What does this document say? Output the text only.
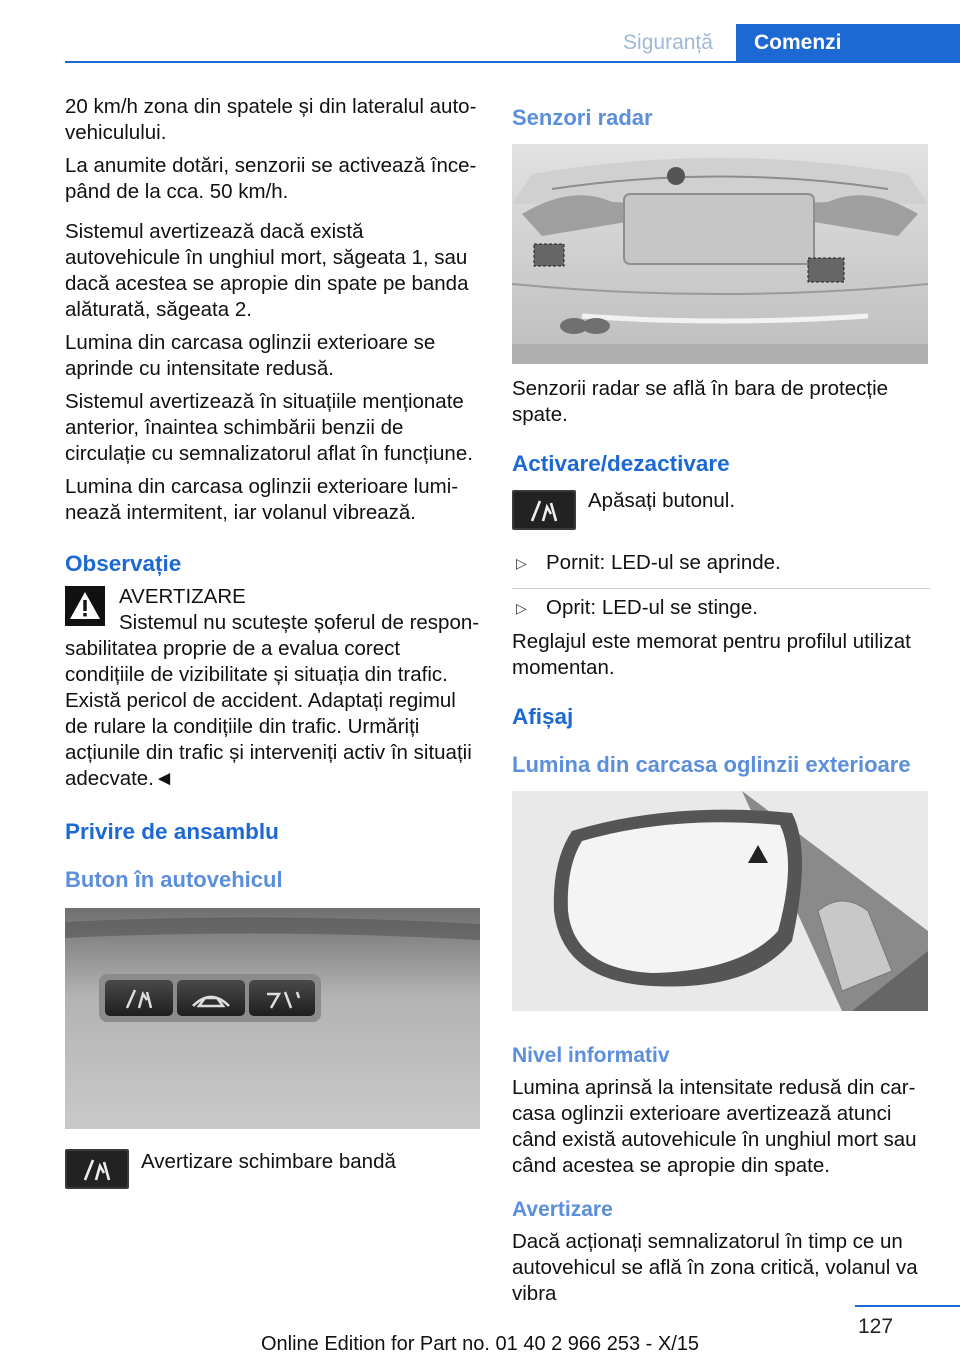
Siguranță	Comenzi

20 km/h zona din spatele și din lateralul autovehiculului.

La anumite dotări, senzorii se activează începând de la cca. 50 km/h.

Sistemul avertizează dacă există autovehicule în unghiul mort, săgeata 1, sau dacă acestea se apropie din spate pe banda alăturată, săgeata 2.

Lumina din carcasa oglinzii exterioare se aprinde cu intensitate redusă.

Sistemul avertizează în situațiile menționate anterior, înaintea schimbării benzii de circulație cu semnalizatorul aflat în funcțiune.

Lumina din carcasa oglinzii exterioare luminează intermitent, iar volanul vibrează.

Observație

AVERTIZARE

Sistemul nu scutește șoferul de responsabilitatea proprie de a evalua corect condițiile de vizibilitate și situația din trafic. Există pericol de accident. Adaptați regimul de rulare la condițiile din trafic. Urmăriți acțiunile din trafic și interveniți activ în situații adecvate.◄

Privire de ansamblu
Buton în autovehicul

Avertizare schimbare bandă

Senzori radar

Senzorii radar se află în bara de protecție spate.

Activare/dezactivare

Apăsați butonul.

▷ Pornit: LED-ul se aprinde.
▷ Oprit: LED-ul se stinge.

Reglajul este memorat pentru profilul utilizat momentan.

Afișaj
Lumina din carcasa oglinzii exterioare
Nivel informativ

Lumina aprinsă la intensitate redusă din carcasa oglinzii exterioare avertizează atunci când există autovehicule în unghiul mort sau când acestea se apropie din spate.

Avertizare

Dacă acționați semnalizatorul în timp ce un autovehicul se află în zona critică, volanul va vibra

127
Online Edition for Part no. 01 40 2 966 253 - X/15
